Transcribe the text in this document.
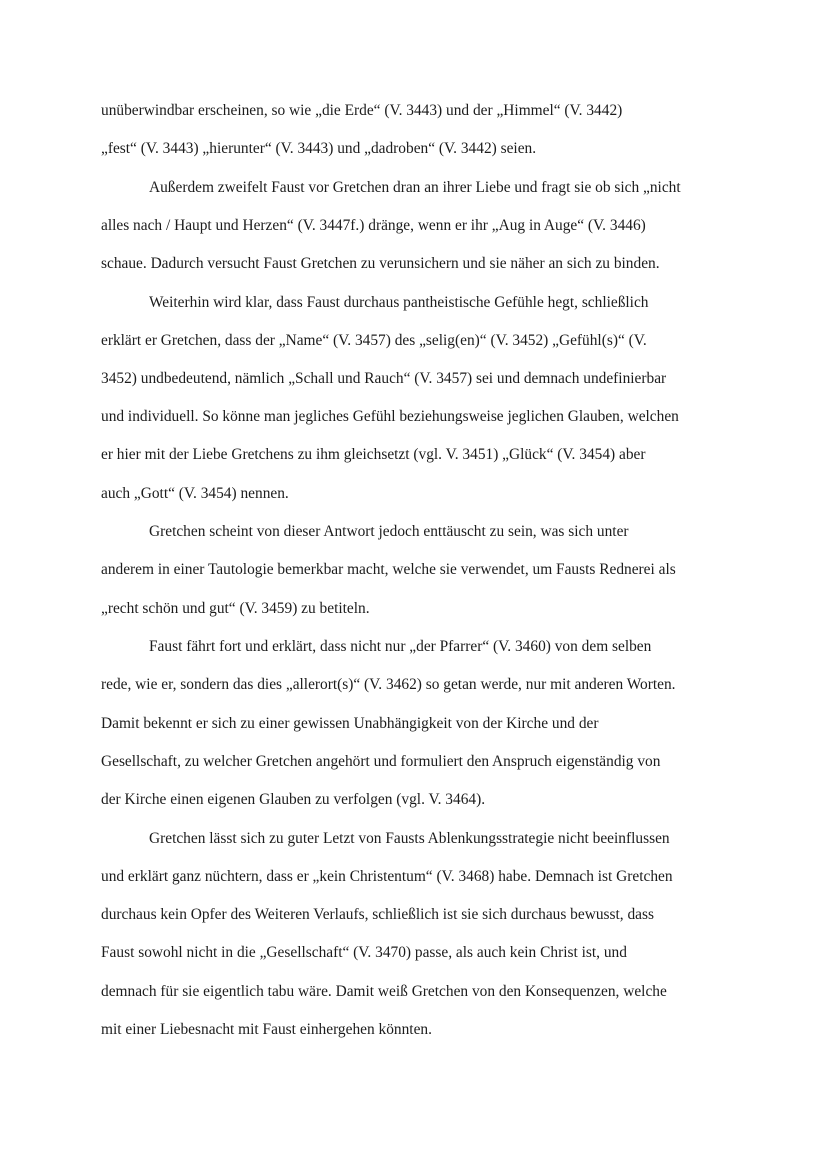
unüberwindbar erscheinen, so wie „die Erde“ (V. 3443) und der „Himmel“ (V. 3442)

„fest“ (V. 3443) „hierunter“ (V. 3443) und „dadroben“ (V. 3442) seien.

Außerdem zweifelt Faust vor Gretchen dran an ihrer Liebe und fragt sie ob sich „nicht

alles nach / Haupt und Herzen“ (V. 3447f.) dränge, wenn er ihr „Aug in Auge“ (V. 3446)

schaue. Dadurch versucht Faust Gretchen zu verunsichern und sie näher an sich zu binden.

Weiterhin wird klar, dass Faust durchaus pantheistische Gefühle hegt, schließlich

erklärt er Gretchen, dass der „Name“ (V. 3457) des „selig(en)“ (V. 3452) „Gefühl(s)“ (V.

3452) undbedeutend, nämlich „Schall und Rauch“ (V. 3457) sei und demnach undefinierbar

und individuell. So könne man jegliches Gefühl beziehungsweise jeglichen Glauben, welchen

er hier mit der Liebe Gretchens zu ihm gleichsetzt (vgl. V. 3451) „Glück“ (V. 3454) aber

auch „Gott“ (V. 3454) nennen.

Gretchen scheint von dieser Antwort jedoch enttäuscht zu sein, was sich unter

anderem in einer Tautologie bemerkbar macht, welche sie verwendet, um Fausts Rednerei als

„recht schön und gut“ (V. 3459) zu betiteln.

Faust fährt fort und erklärt, dass nicht nur „der Pfarrer“ (V. 3460) von dem selben

rede, wie er, sondern das dies „allerort(s)“ (V. 3462) so getan werde, nur mit anderen Worten.

Damit bekennt er sich zu einer gewissen Unabhängigkeit von der Kirche und der

Gesellschaft, zu welcher Gretchen angehört und formuliert den Anspruch eigenständig von

der Kirche einen eigenen Glauben zu verfolgen (vgl. V. 3464).

Gretchen lässt sich zu guter Letzt von Fausts Ablenkungsstrategie nicht beeinflussen

und erklärt ganz nüchtern, dass er „kein Christentum“ (V. 3468) habe. Demnach ist Gretchen

durchaus kein Opfer des Weiteren Verlaufs, schließlich ist sie sich durchaus bewusst, dass

Faust sowohl nicht in die „Gesellschaft“ (V. 3470) passe, als auch kein Christ ist, und

demnach für sie eigentlich tabu wäre. Damit weiß Gretchen von den Konsequenzen, welche

mit einer Liebesnacht mit Faust einhergehen könnten.
